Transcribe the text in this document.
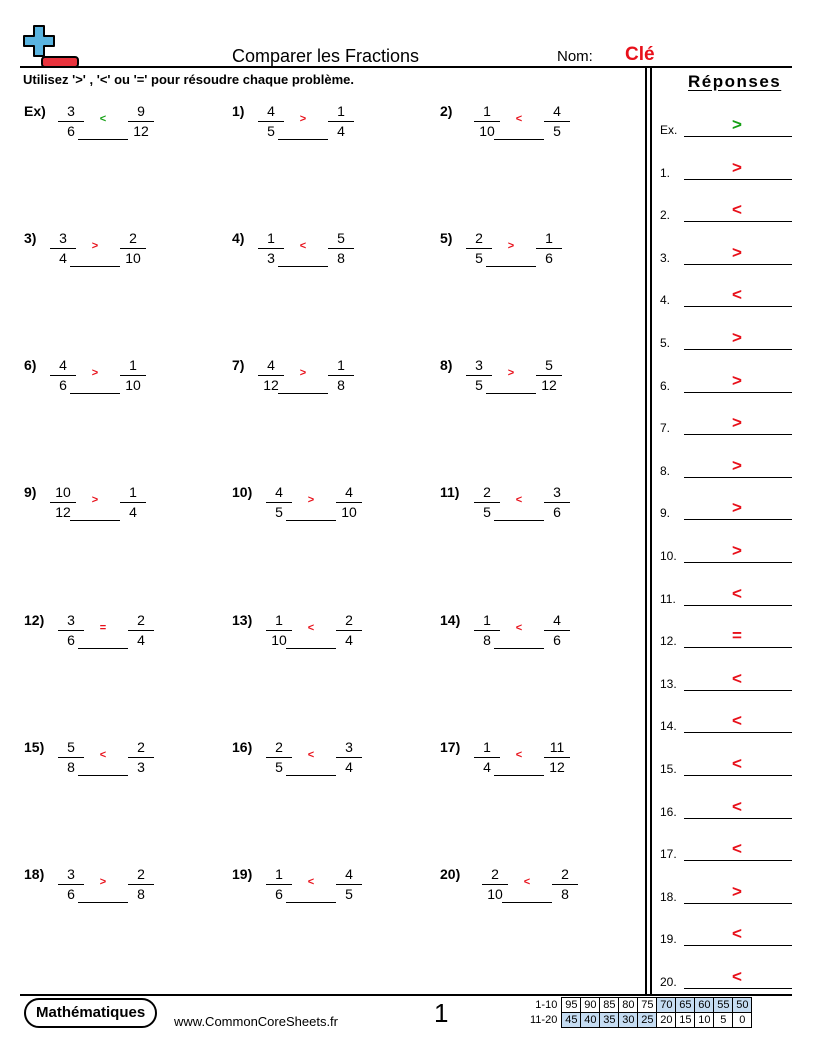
Comparer les Fractions	Nom: Clé
Utilisez '>' , '<' ou '=' pour résoudre chaque problème.	Réponses
Ex.	>
1.	>
2.	<
3.	>
4.	<
5.	>
6.	>
7.	>
8.	>
9.	>
10.	>
11.	<
12.	=
13.	<
14.	<
15.	<
16.	<
17.	<
18.	>
19.	<
20.	<
Ex)	3
6
<	9
12
1)	4
5
>	1
4
2)	1
10
<	4
5
3)	3
4
>	2
10
4)	1
3
<	5
8
5)	2
5
>	1
6
6)	4
6
>	1
10
7)	4
12
>	1
8
8)	3
5
>	5
12
9)	10
12
>	1
4
10)	4
5
>	4
10
11)	2
5
<	3
6
12)	3
6
=	2
4
13)	1
10
<	2
4
14)	1
8
<	4
6
15)	5
8
<	2
3
16)	2
5
<	3
4
17)	1
4
<	11
12
18)	3
6
>	2
8
19)	1
6
<	4
5
20)	2
10
<	2
8
Mathématiques
www.CommonCoreSheets.fr	1	1-10	95	90	85	80	75	70	65	60	55	50
11-20	45	40	35	30	25	20	15	10	5	0
